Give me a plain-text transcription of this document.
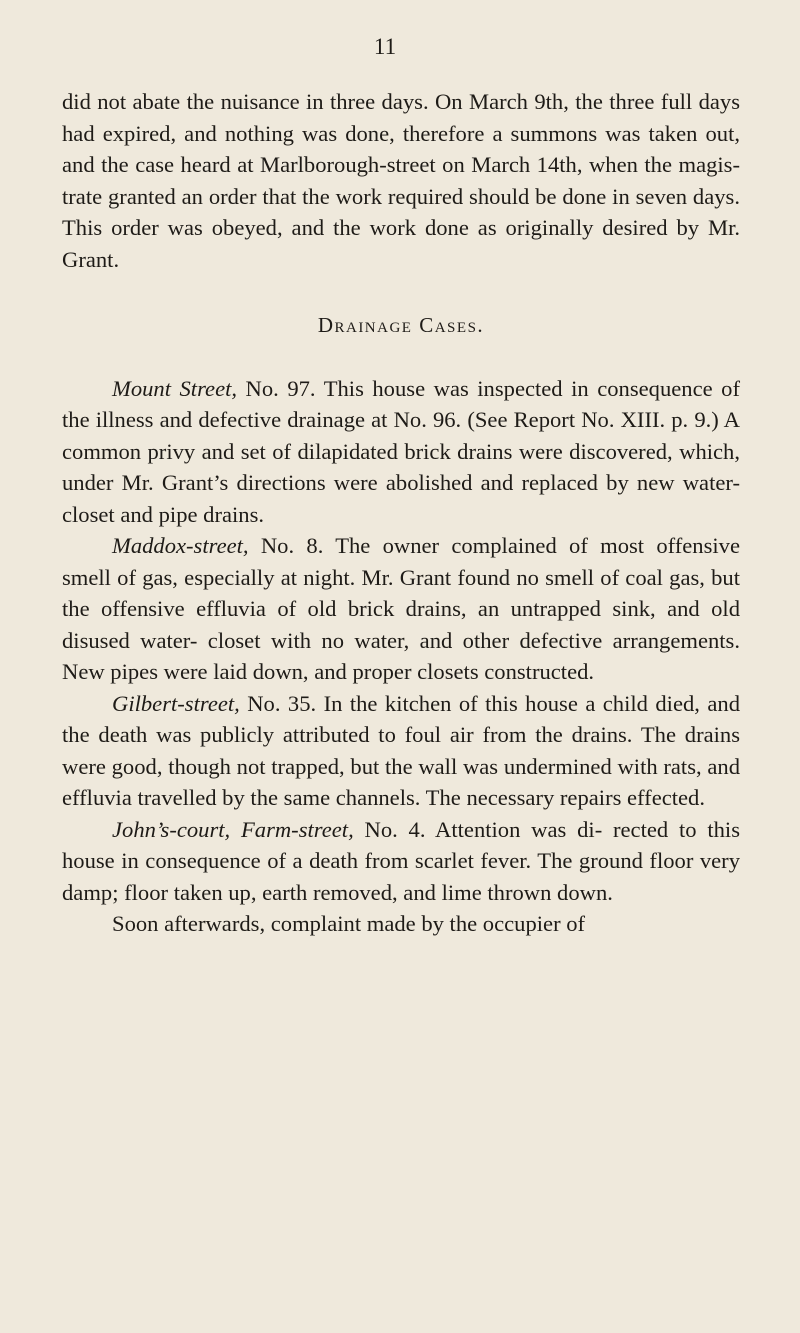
11

did not abate the nuisance in three days. On March 9th, the three full days had expired, and nothing was done, therefore a summons was taken out, and the case heard at Marlborough-street on March 14th, when the magis- trate granted an order that the work required should be done in seven days. This order was obeyed, and the work done as originally desired by Mr. Grant.

Drainage Cases.

Mount Street, No. 97. This house was inspected in consequence of the illness and defective drainage at No. 96. (See Report No. XIII. p. 9.) A common privy and set of dilapidated brick drains were discovered, which, under Mr. Grant’s directions were abolished and replaced by new water-closet and pipe drains.

Maddox-street, No. 8. The owner complained of most offensive smell of gas, especially at night. Mr. Grant found no smell of coal gas, but the offensive effluvia of old brick drains, an untrapped sink, and old disused water- closet with no water, and other defective arrangements. New pipes were laid down, and proper closets constructed.

Gilbert-street, No. 35. In the kitchen of this house a child died, and the death was publicly attributed to foul air from the drains. The drains were good, though not trapped, but the wall was undermined with rats, and effluvia travelled by the same channels. The necessary repairs effected.

John’s-court, Farm-street, No. 4. Attention was di- rected to this house in consequence of a death from scarlet fever. The ground floor very damp; floor taken up, earth removed, and lime thrown down.

Soon afterwards, complaint made by the occupier of
